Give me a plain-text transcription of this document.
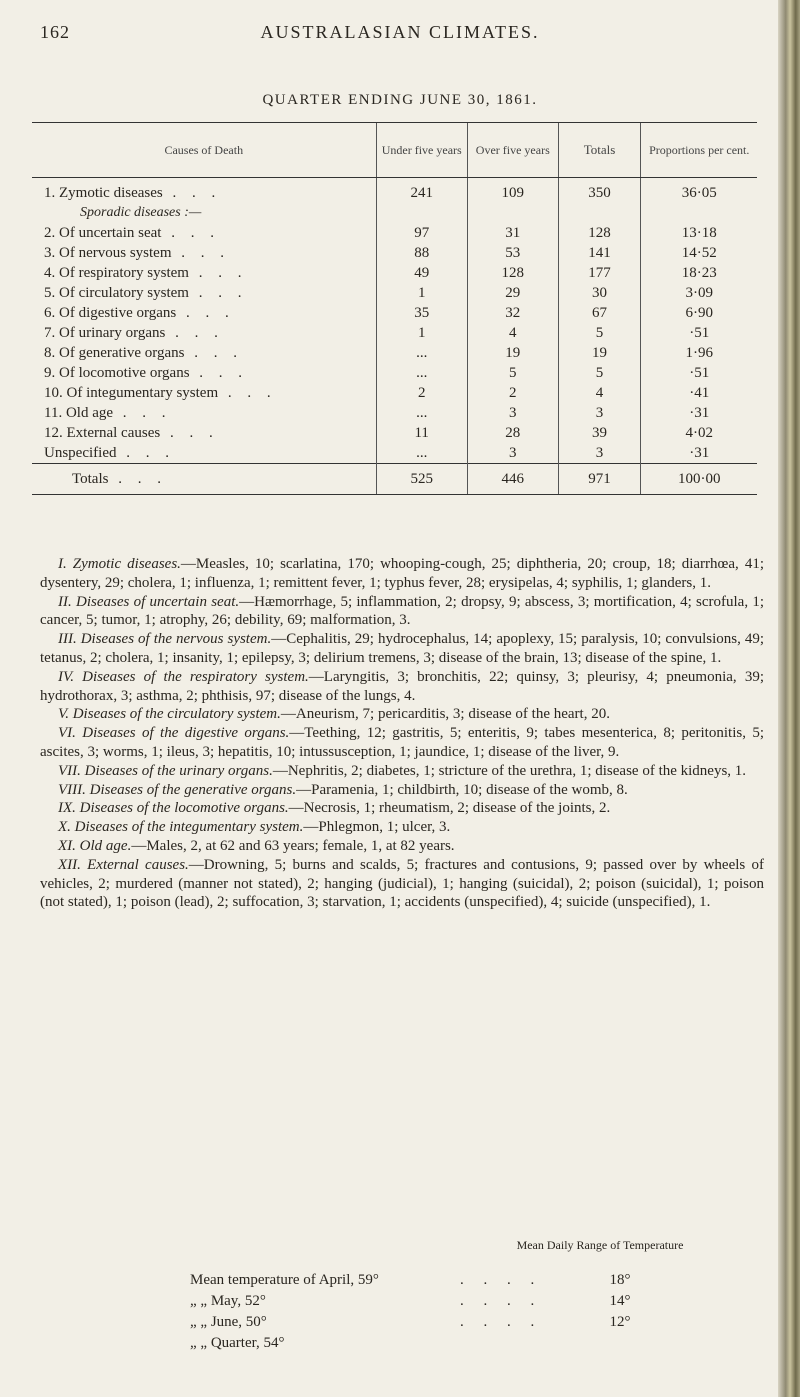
162	AUSTRALASIAN CLIMATES.
QUARTER ENDING JUNE 30, 1861.
Causes of Death	Under five years	Over five years	Totals	Proportions per cent.
1. Zymotic diseases . . .	241	109	350	36·05
Sporadic diseases :—				
2. Of uncertain seat . . .	97	31	128	13·18
3. Of nervous system . . .	88	53	141	14·52
4. Of respiratory system . . .	49	128	177	18·23
5. Of circulatory system . . .	1	29	30	3·09
6. Of digestive organs . . .	35	32	67	6·90
7. Of urinary organs . . .	1	4	5	·51
8. Of generative organs . . .	...	19	19	1·96
9. Of locomotive organs . . .	...	5	5	·51
10. Of integumentary system . . .	2	2	4	·41
11. Old age . . .	...	3	3	·31
12. External causes . . .	11	28	39	4·02
Unspecified . . .	...	3	3	·31
Totals . . .	525	446	971	100·00

I. Zymotic diseases.—Measles, 10; scarlatina, 170; whooping-cough, 25; diphtheria, 20; croup, 18; diarrhœa, 41; dysentery, 29; cholera, 1; influenza, 1; remittent fever, 1; typhus fever, 28; erysipelas, 4; syphilis, 1; glanders, 1.

II. Diseases of uncertain seat.—Hæmorrhage, 5; inflammation, 2; dropsy, 9; abscess, 3; mortification, 4; scrofula, 1; cancer, 5; tumor, 1; atrophy, 26; debility, 69; malformation, 3.

III. Diseases of the nervous system.—Cephalitis, 29; hydrocephalus, 14; apoplexy, 15; paralysis, 10; convulsions, 49; tetanus, 2; cholera, 1; insanity, 1; epilepsy, 3; delirium tremens, 3; disease of the brain, 13; disease of the spine, 1.

IV. Diseases of the respiratory system.—Laryngitis, 3; bronchitis, 22; quinsy, 3; pleurisy, 4; pneumonia, 39; hydrothorax, 3; asthma, 2; phthisis, 97; disease of the lungs, 4.

V. Diseases of the circulatory system.—Aneurism, 7; pericarditis, 3; disease of the heart, 20.

VI. Diseases of the digestive organs.—Teething, 12; gastritis, 5; enteritis, 9; tabes mesenterica, 8; peritonitis, 5; ascites, 3; worms, 1; ileus, 3; hepatitis, 10; intussusception, 1; jaundice, 1; disease of the liver, 9.

VII. Diseases of the urinary organs.—Nephritis, 2; diabetes, 1; stricture of the urethra, 1; disease of the kidneys, 1.

VIII. Diseases of the generative organs.—Paramenia, 1; childbirth, 10; disease of the womb, 8.

IX. Diseases of the locomotive organs.—Necrosis, 1; rheumatism, 2; disease of the joints, 2.

X. Diseases of the integumentary system.—Phlegmon, 1; ulcer, 3.

XI. Old age.—Males, 2, at 62 and 63 years; female, 1, at 82 years.

XII. External causes.—Drowning, 5; burns and scalds, 5; fractures and contusions, 9; passed over by wheels of vehicles, 2; murdered (manner not stated), 2; hanging (judicial), 1; hanging (suicidal), 2; poison (suicidal), 1; poison (not stated), 1; poison (lead), 2; suffocation, 3; starvation, 1; accidents (unspecified), 4; suicide (unspecified), 1.

Mean Daily Range of Temperature
Mean temperature of April, 59°	. . . .	18°
„ „ May, 52°	. . . .	14°
„ „ June, 50°	. . . .	12°
„ „ Quarter, 54°
